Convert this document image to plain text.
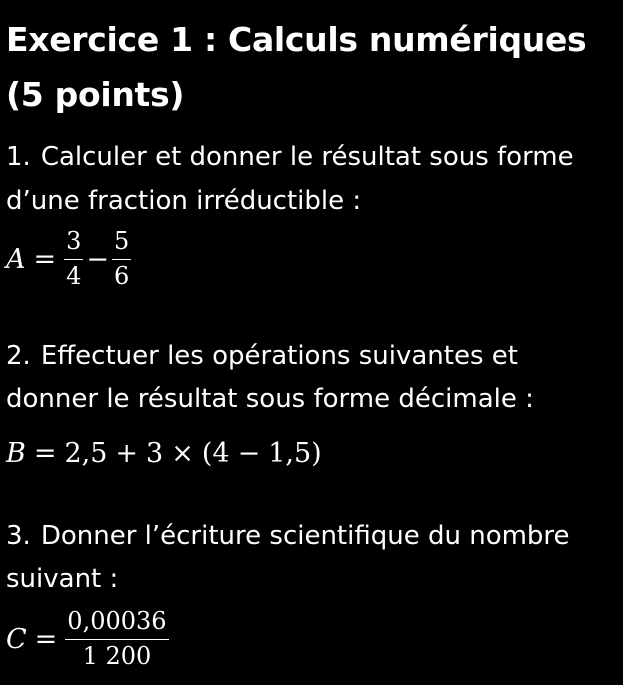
Exercice 1 : Calculs numériques (5 points)

1. Calculer et donner le résultat sous forme

d’une fraction irréductible :

$A = \frac{3}{4} - \frac{5}{6}$

2. Effectuer les opérations suivantes et

donner le résultat sous forme décimale :

B = 2,5 + 3 × (4 − 1,5)

3. Donner l’écriture scientifique du nombre

suivant :

$C = \frac{0,00036}{1 200}$
